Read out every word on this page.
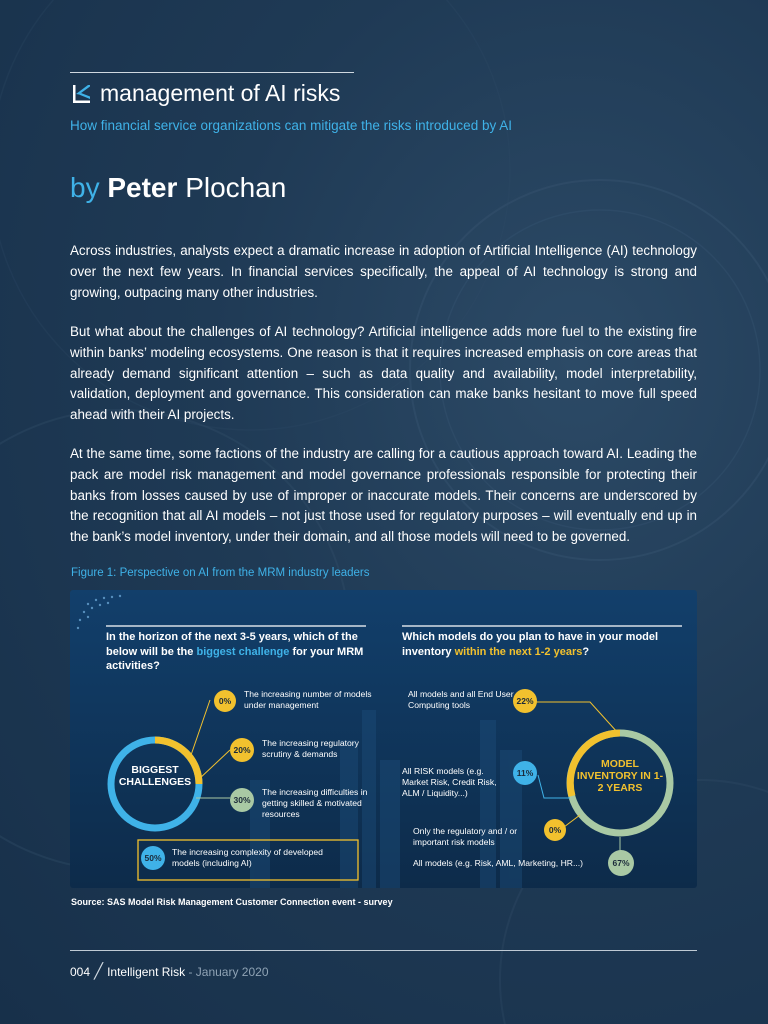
management of AI risks
How financial service organizations can mitigate the risks introduced by AI
by Peter Plochan

Across industries, analysts expect a dramatic increase in adoption of Artificial Intelligence (AI) technology over the next few years. In financial services specifically, the appeal of AI technology is strong and growing, outpacing many other industries.

But what about the challenges of AI technology? Artificial intelligence adds more fuel to the existing fire within banks’ modeling ecosystems. One reason is that it requires increased emphasis on core areas that already demand significant attention – such as data quality and availability, model interpretability, validation, deployment and governance. This consideration can make banks hesitant to move full speed ahead with their AI projects.

At the same time, some factions of the industry are calling for a cautious approach toward AI. Leading the pack are model risk management and model governance professionals responsible for protecting their banks from losses caused by use of improper or inaccurate models. Their concerns are underscored by the recognition that all AI models – not just those used for regulatory purposes – will eventually end up in the bank’s model inventory, under their domain, and all those models will need to be governed.

Figure 1: Perspective on AI from the MRM industry leaders
In the horizon of the next 3-5 years, which of the below will be the biggest challenge for your MRM activities?
BIGGEST CHALLENGES
0%
The increasing number of models under management
20%
The increasing regulatory scrutiny & demands
30%
The increasing difficulties in getting skilled & motivated resources
50%
The increasing complexity of developed models (including AI)
Which models do you plan to have in your model inventory within the next 1-2 years?
MODEL INVENTORY IN 1-2 YEARS
All models and all End User Computing tools	22%
All RISK models (e.g. Market Risk, Credit Risk, ALM / Liquidity...)
11%
Only the regulatory and / or important risk models
0%
All models (e.g. Risk, AML, Marketing, HR...)	67%
Source: SAS Model Risk Management Customer Connection event - survey
004 ╱ Intelligent Risk - January 2020
